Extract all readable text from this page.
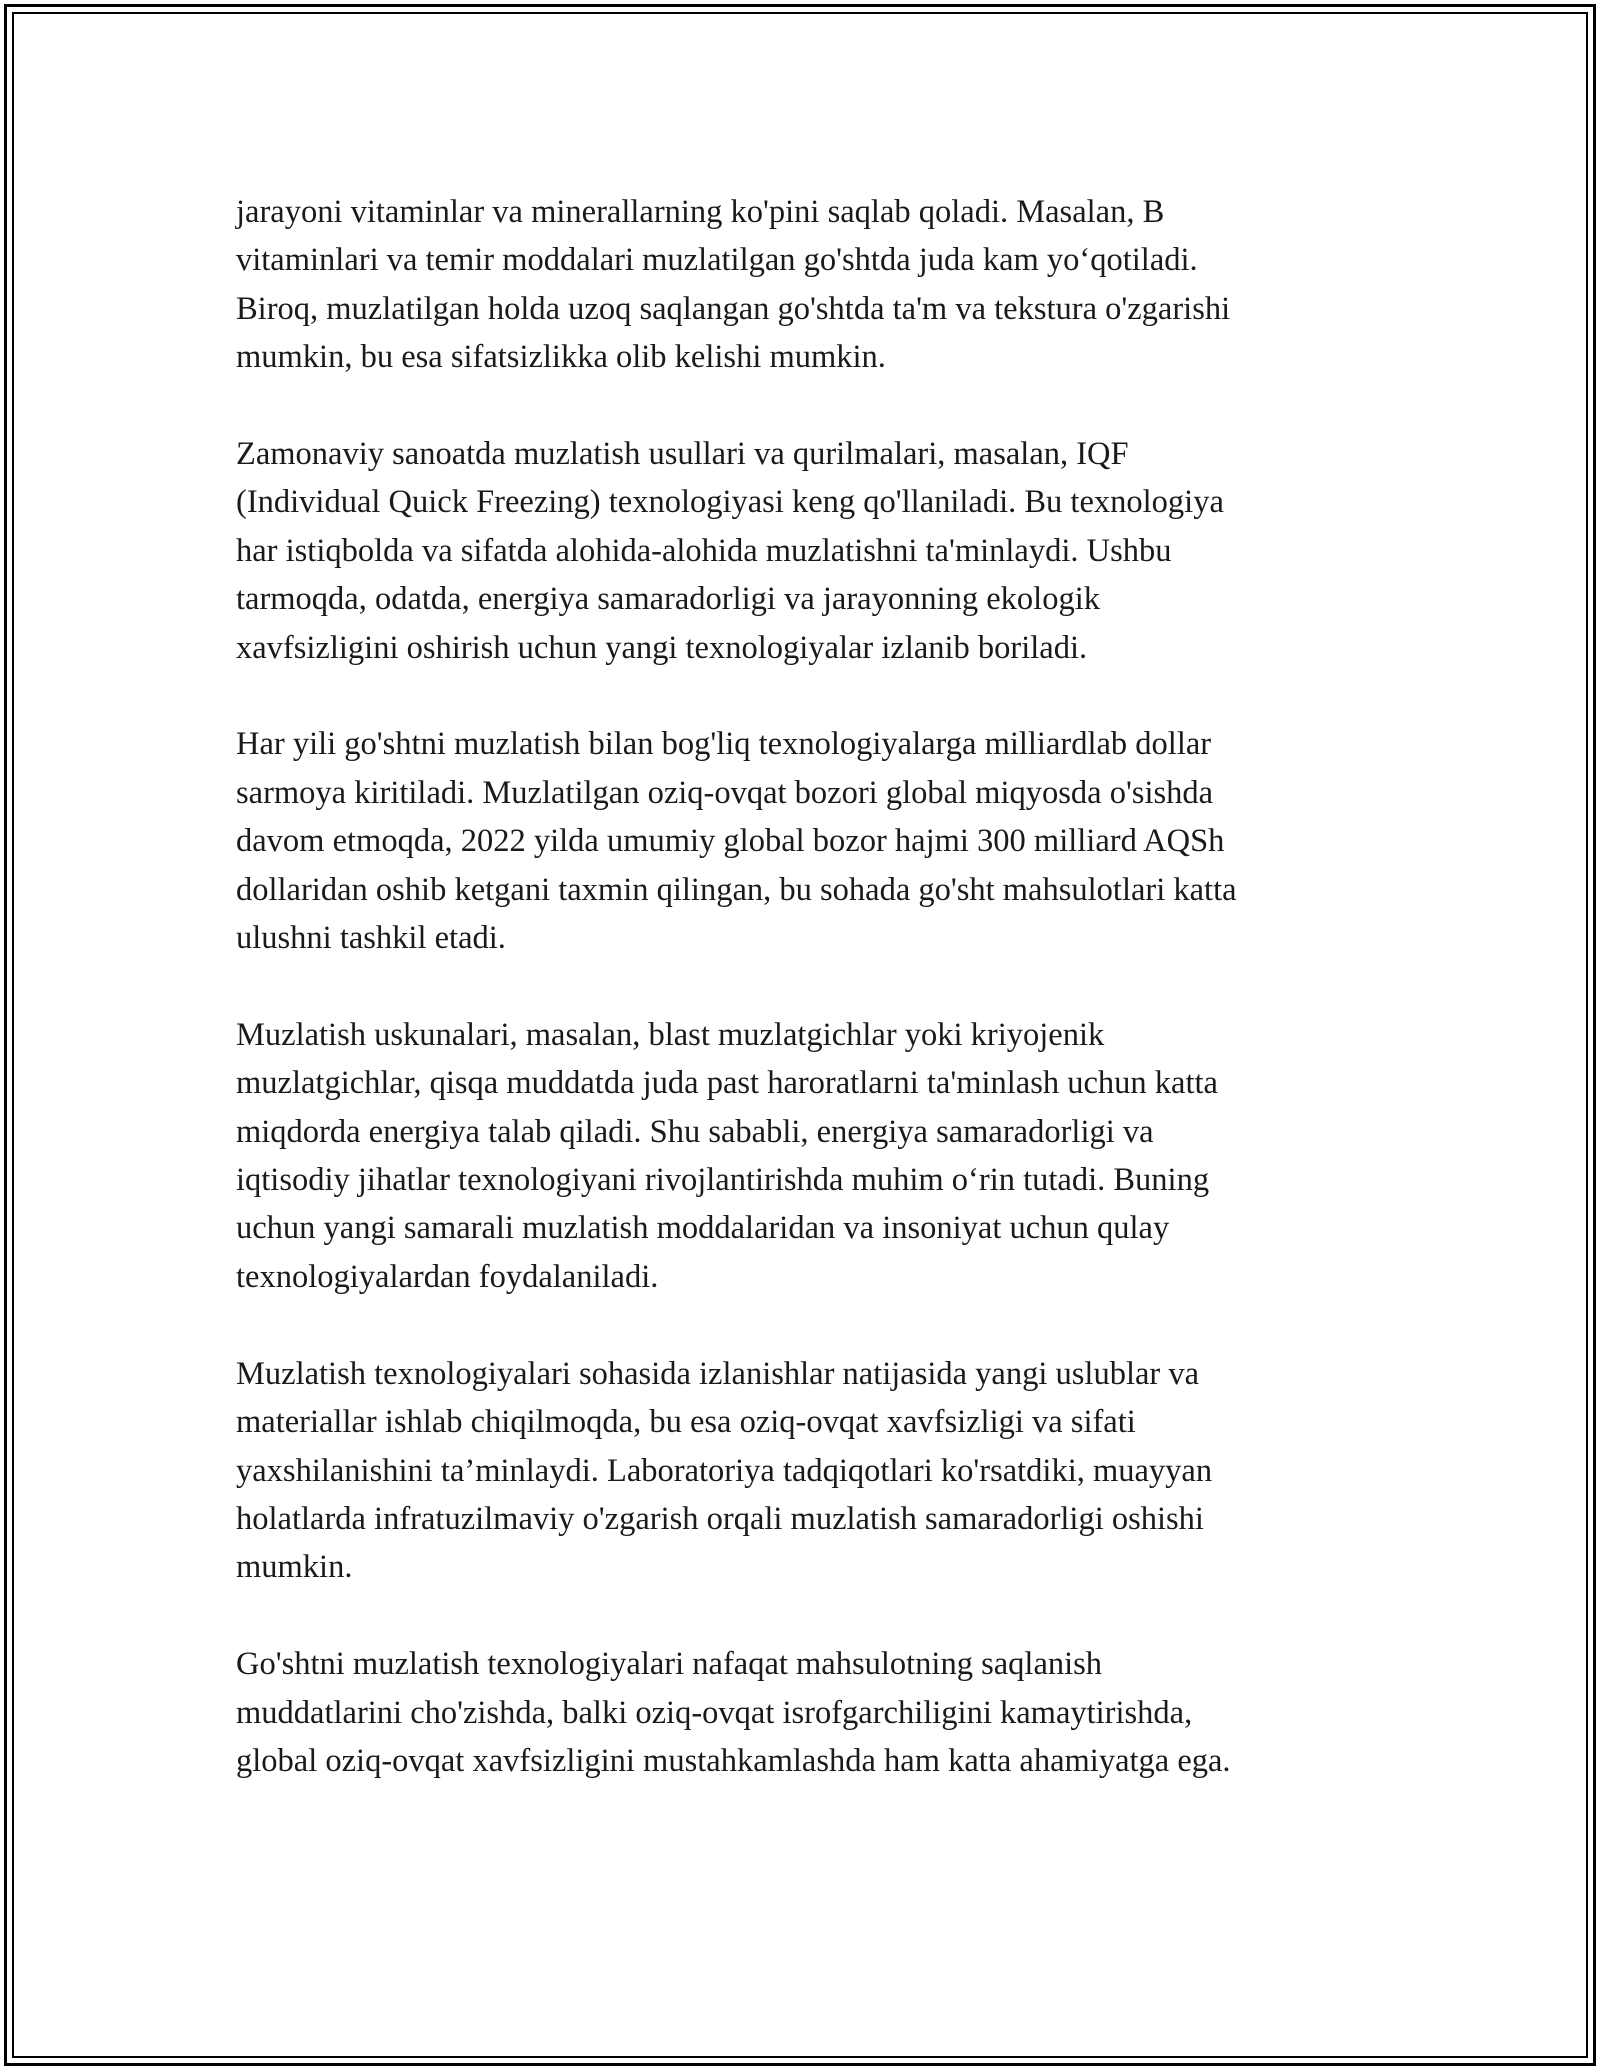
jarayoni vitaminlar va minerallarning ko'pini saqlab qoladi. Masalan, B
vitaminlari va temir moddalari muzlatilgan go'shtda juda kam yo‘qotiladi.
Biroq, muzlatilgan holda uzoq saqlangan go'shtda ta'm va tekstura o'zgarishi
mumkin, bu esa sifatsizlikka olib kelishi mumkin.

Zamonaviy sanoatda muzlatish usullari va qurilmalari, masalan, IQF
(Individual Quick Freezing) texnologiyasi keng qo'llaniladi. Bu texnologiya
har istiqbolda va sifatda alohida-alohida muzlatishni ta'minlaydi. Ushbu
tarmoqda, odatda, energiya samaradorligi va jarayonning ekologik
xavfsizligini oshirish uchun yangi texnologiyalar izlanib boriladi.

Har yili go'shtni muzlatish bilan bog'liq texnologiyalarga milliardlab dollar
sarmoya kiritiladi. Muzlatilgan oziq-ovqat bozori global miqyosda o'sishda
davom etmoqda, 2022 yilda umumiy global bozor hajmi 300 milliard AQSh
dollaridan oshib ketgani taxmin qilingan, bu sohada go'sht mahsulotlari katta
ulushni tashkil etadi.

Muzlatish uskunalari, masalan, blast muzlatgichlar yoki kriyojenik
muzlatgichlar, qisqa muddatda juda past haroratlarni ta'minlash uchun katta
miqdorda energiya talab qiladi. Shu sababli, energiya samaradorligi va
iqtisodiy jihatlar texnologiyani rivojlantirishda muhim o‘rin tutadi. Buning
uchun yangi samarali muzlatish moddalaridan va insoniyat uchun qulay
texnologiyalardan foydalaniladi.

Muzlatish texnologiyalari sohasida izlanishlar natijasida yangi uslublar va
materiallar ishlab chiqilmoqda, bu esa oziq-ovqat xavfsizligi va sifati
yaxshilanishini ta’minlaydi. Laboratoriya tadqiqotlari ko'rsatdiki, muayyan
holatlarda infratuzilmaviy o'zgarish orqali muzlatish samaradorligi oshishi
mumkin.

Go'shtni muzlatish texnologiyalari nafaqat mahsulotning saqlanish
muddatlarini cho'zishda, balki oziq-ovqat isrofgarchiligini kamaytirishda,
global oziq-ovqat xavfsizligini mustahkamlashda ham katta ahamiyatga ega.
